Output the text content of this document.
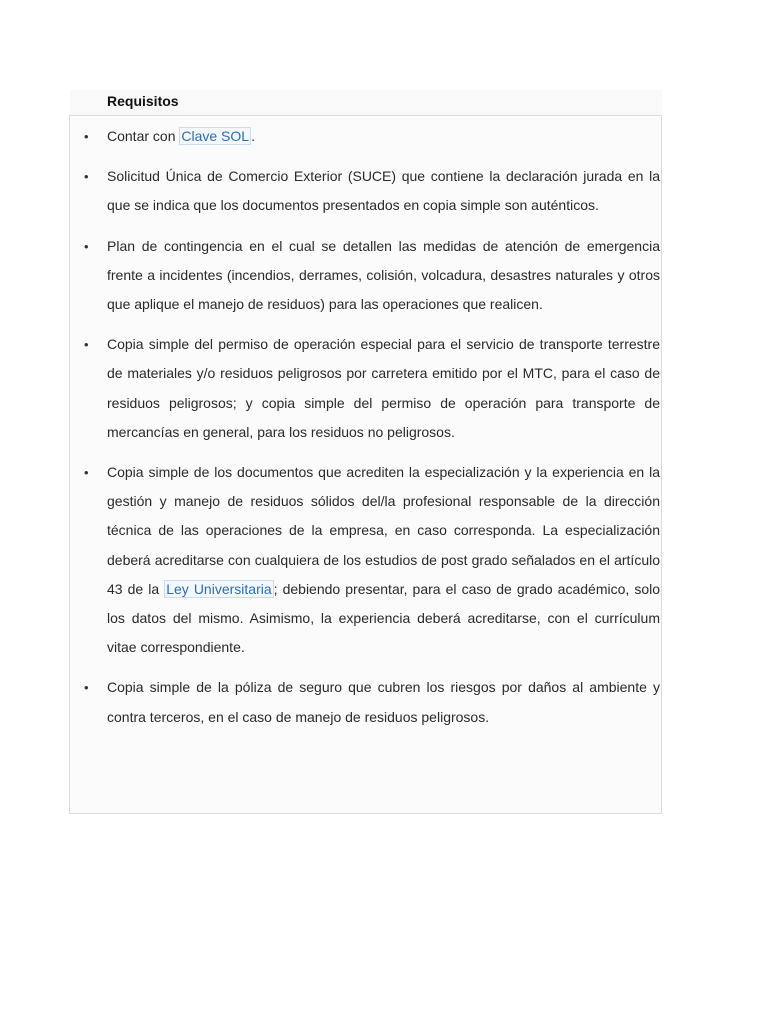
Requisitos
• Contar con Clave SOL .
• Solicitud Única de Comercio Exterior (SUCE) que contiene la declaración jurada en la que se indica que los documentos presentados en copia simple son auténticos.
• Plan de contingencia en el cual se detallen las medidas de atención de emergencia frente a incidentes (incendios, derrames, colisión, volcadura, desastres naturales y otros que aplique el manejo de residuos) para las operaciones que realicen.
• Copia simple del permiso de operación especial para el servicio de transporte terrestre de materiales y/o residuos peligrosos por carretera emitido por el MTC, para el caso de residuos peligrosos; y copia simple del permiso de operación para transporte de mercancías en general, para los residuos no peligrosos.
• Copia simple de los documentos que acrediten la especialización y la experiencia en la gestión y manejo de residuos sólidos del/la profesional responsable de la dirección técnica de las operaciones de la empresa, en caso corresponda. La especialización deberá acreditarse con cualquiera de los estudios de post grado señalados en el artículo 43 de la Ley Universitaria ; debiendo presentar, para el caso de grado académico, solo los datos del mismo. Asimismo, la experiencia deberá acreditarse, con el currículum vitae correspondiente.
• Copia simple de la póliza de seguro que cubren los riesgos por daños al ambiente y contra terceros, en el caso de manejo de residuos peligrosos.
